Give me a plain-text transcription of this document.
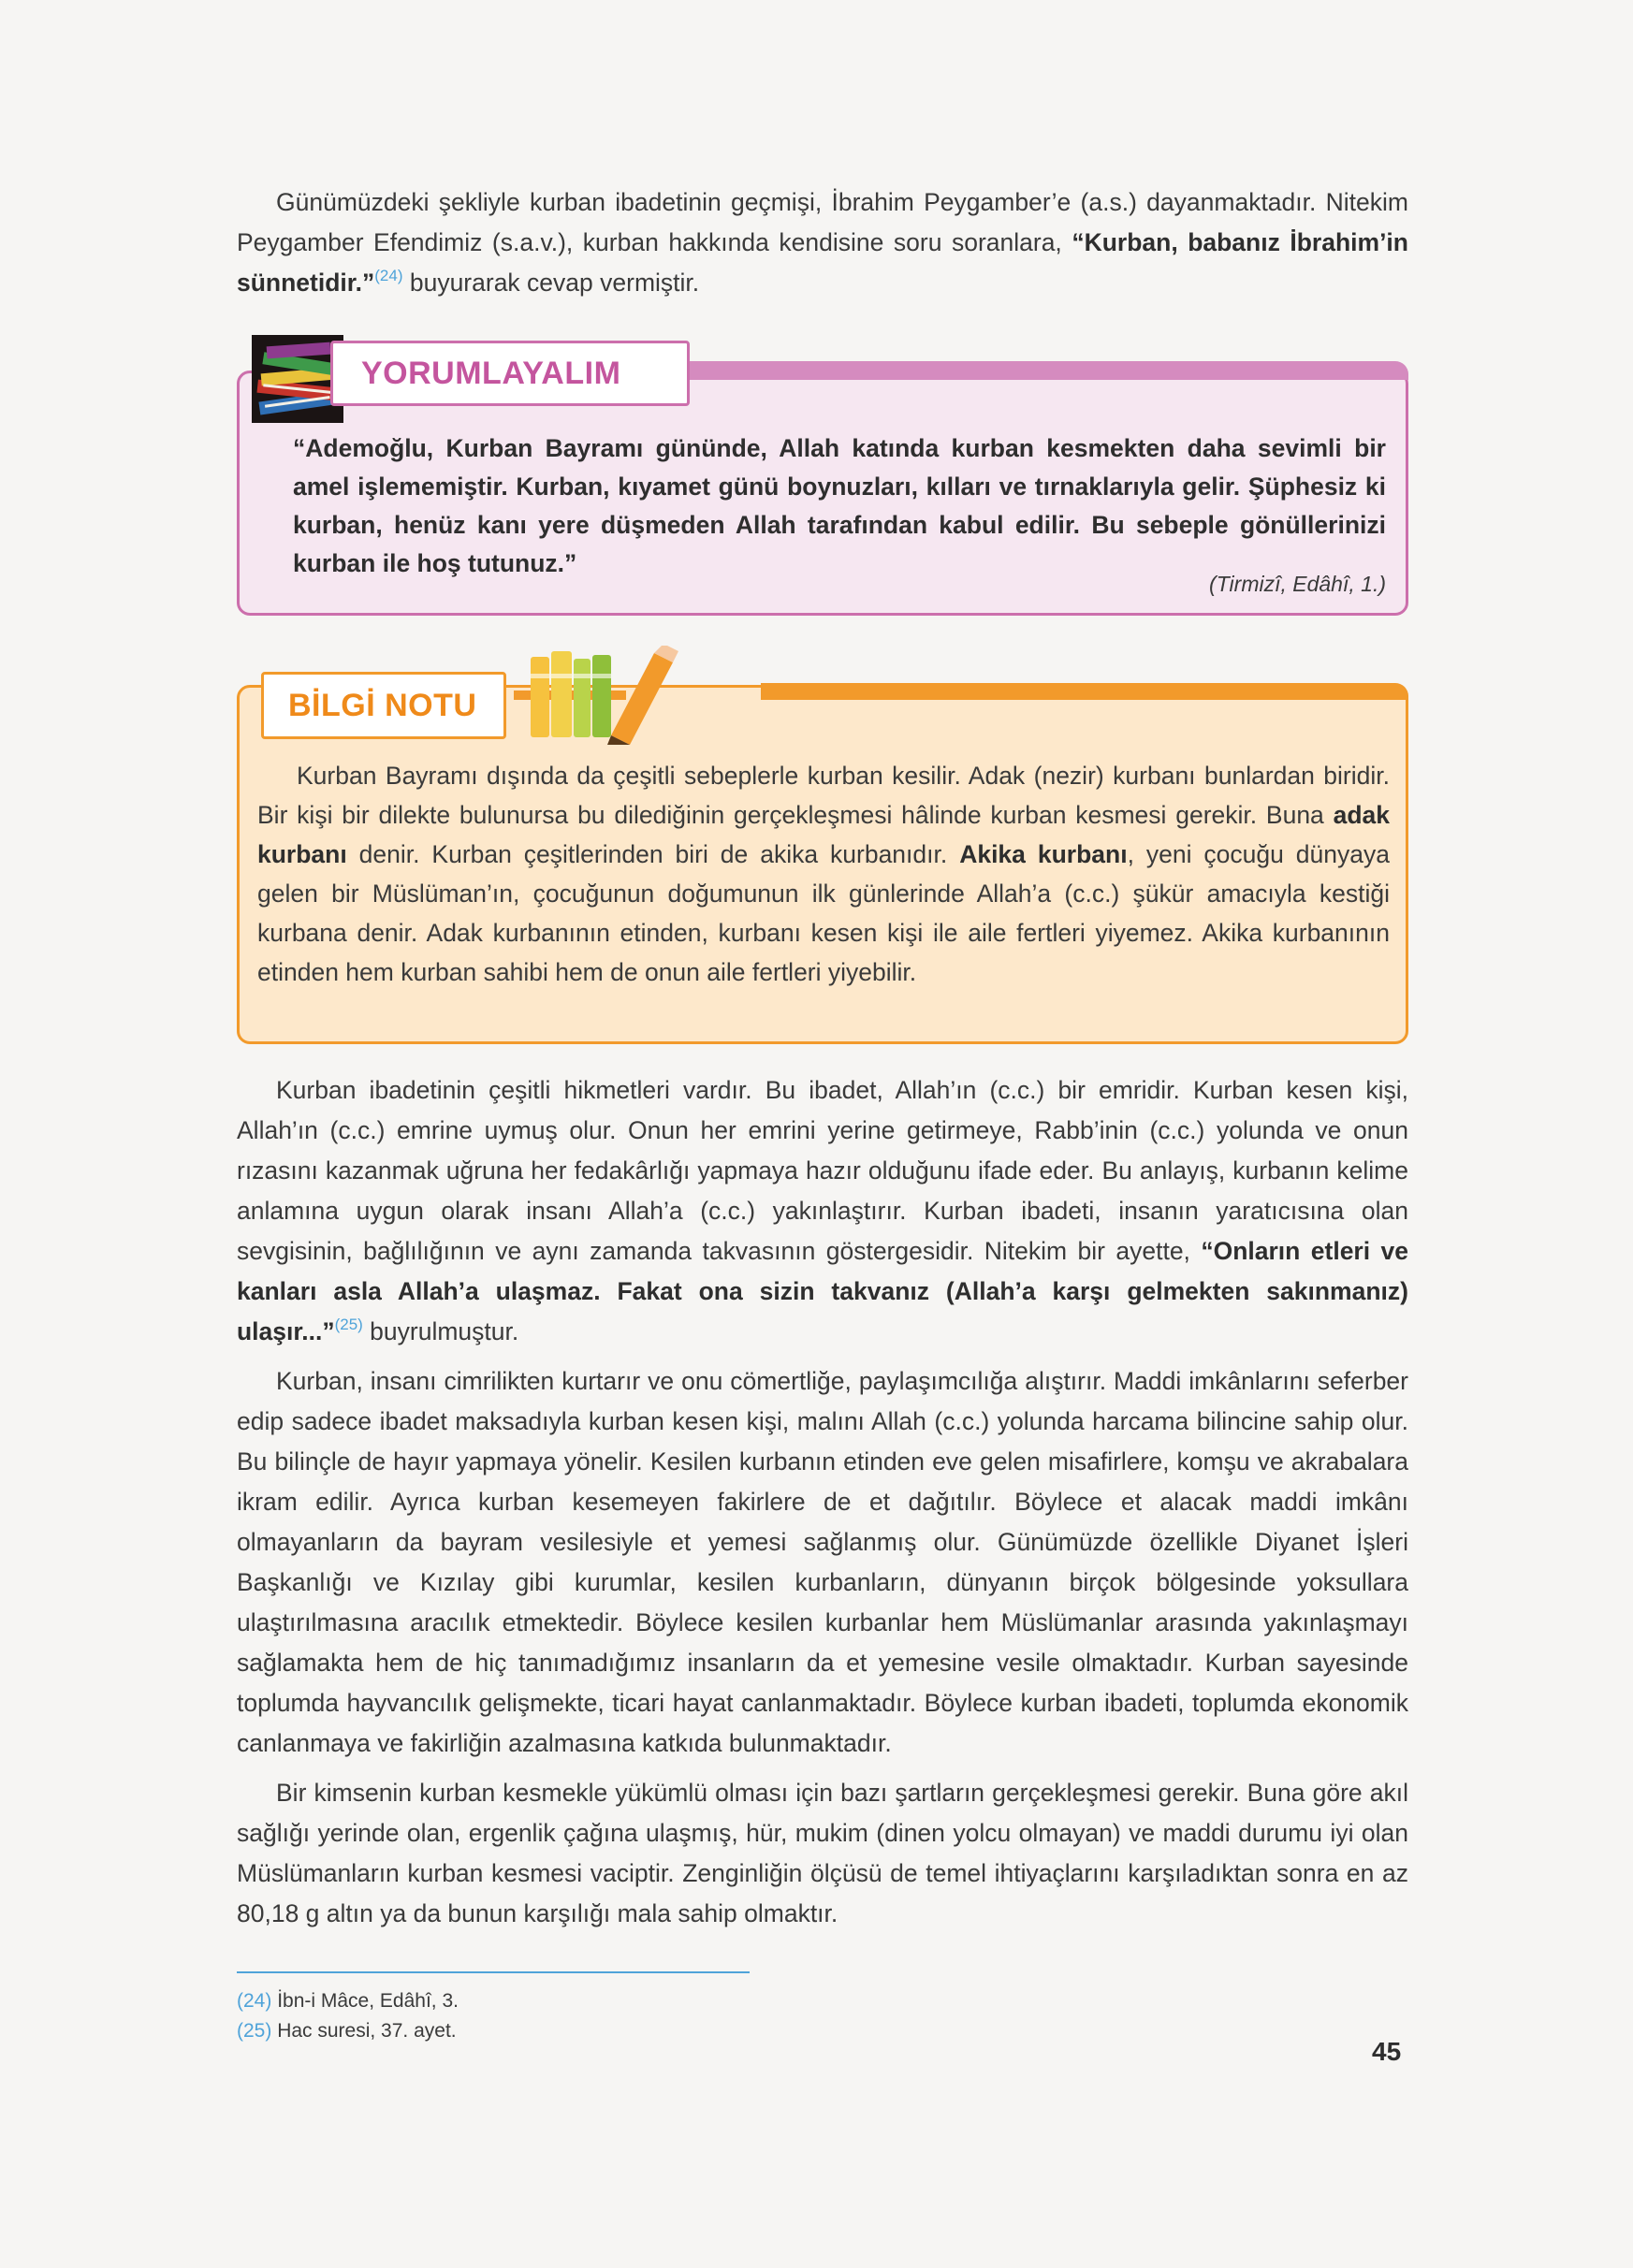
Günümüzdeki şekliyle kurban ibadetinin geçmişi, İbrahim Peygamber’e (a.s.) dayanmaktadır. Nitekim Peygamber Efendimiz (s.a.v.), kurban hakkında kendisine soru soranlara, “Kurban, babanız İbrahim’in sünnetidir.”$^{(24)}$ buyurarak cevap vermiştir.

YORUMLAYALIM
“Ademoğlu, Kurban Bayramı gününde, Allah katında kurban kesmekten daha sevimli bir amel işlememiştir. Kurban, kıyamet günü boynuzları, kılları ve tırnaklarıyla gelir. Şüphesiz ki kurban, henüz kanı yere düşmeden Allah tarafından kabul edilir. Bu sebeple gönüllerinizi kurban ile hoş tutunuz.”
(Tirmizî, Edâhî, 1.)
BİLGİ NOTU

Kurban Bayramı dışında da çeşitli sebeplerle kurban kesilir. Adak (nezir) kurbanı bunlardan biridir. Bir kişi bir dilekte bulunursa bu dilediğinin gerçekleşmesi hâlinde kurban kesmesi gerekir. Buna adak kurbanı denir. Kurban çeşitlerinden biri de akika kurbanıdır. Akika kurbanı, yeni çocuğu dünyaya gelen bir Müslüman’ın, çocuğunun doğumunun ilk günlerinde Allah’a (c.c.) şükür amacıyla kestiği kurbana denir. Adak kurbanının etinden, kurbanı kesen kişi ile aile fertleri yiyemez. Akika kurbanının etinden hem kurban sahibi hem de onun aile fertleri yiyebilir.

Kurban ibadetinin çeşitli hikmetleri vardır. Bu ibadet, Allah’ın (c.c.) bir emridir. Kurban kesen kişi, Allah’ın (c.c.) emrine uymuş olur. Onun her emrini yerine getirmeye, Rabb’inin (c.c.) yolunda ve onun rızasını kazanmak uğruna her fedakârlığı yapmaya hazır olduğunu ifade eder. Bu anlayış, kurbanın kelime anlamına uygun olarak insanı Allah’a (c.c.) yakınlaştırır. Kurban ibadeti, insanın yaratıcısına olan sevgisinin, bağlılığının ve aynı zamanda takvasının göstergesidir. Nitekim bir ayette, “Onların etleri ve kanları asla Allah’a ulaşmaz. Fakat ona sizin takvanız (Allah’a karşı gelmekten sakınmanız) ulaşır...”$^{(25)}$ buyrulmuştur.

Kurban, insanı cimrilikten kurtarır ve onu cömertliğe, paylaşımcılığa alıştırır. Maddi imkânlarını seferber edip sadece ibadet maksadıyla kurban kesen kişi, malını Allah (c.c.) yolunda harcama bilincine sahip olur. Bu bilinçle de hayır yapmaya yönelir. Kesilen kurbanın etinden eve gelen misafirlere, komşu ve akrabalara ikram edilir. Ayrıca kurban kesemeyen fakirlere de et dağıtılır. Böylece et alacak maddi imkânı olmayanların da bayram vesilesiyle et yemesi sağlanmış olur. Günümüzde özellikle Diyanet İşleri Başkanlığı ve Kızılay gibi kurumlar, kesilen kurbanların, dünyanın birçok bölgesinde yoksullara ulaştırılmasına aracılık etmektedir. Böylece kesilen kurbanlar hem Müslümanlar arasında yakınlaşmayı sağlamakta hem de hiç tanımadığımız insanların da et yemesine vesile olmaktadır. Kurban sayesinde toplumda hayvancılık gelişmekte, ticari hayat canlanmaktadır. Böylece kurban ibadeti, toplumda ekonomik canlanmaya ve fakirliğin azalmasına katkıda bulunmaktadır.

Bir kimsenin kurban kesmekle yükümlü olması için bazı şartların gerçekleşmesi gerekir. Buna göre akıl sağlığı yerinde olan, ergenlik çağına ulaşmış, hür, mukim (dinen yolcu olmayan) ve maddi durumu iyi olan Müslümanların kurban kesmesi vaciptir. Zenginliğin ölçüsü de temel ihtiyaçlarını karşıladıktan sonra en az 80,18 g altın ya da bunun karşılığı mala sahip olmaktır.

(24) İbn-i Mâce, Edâhî, 3.
(25) Hac suresi, 37. ayet.
45
